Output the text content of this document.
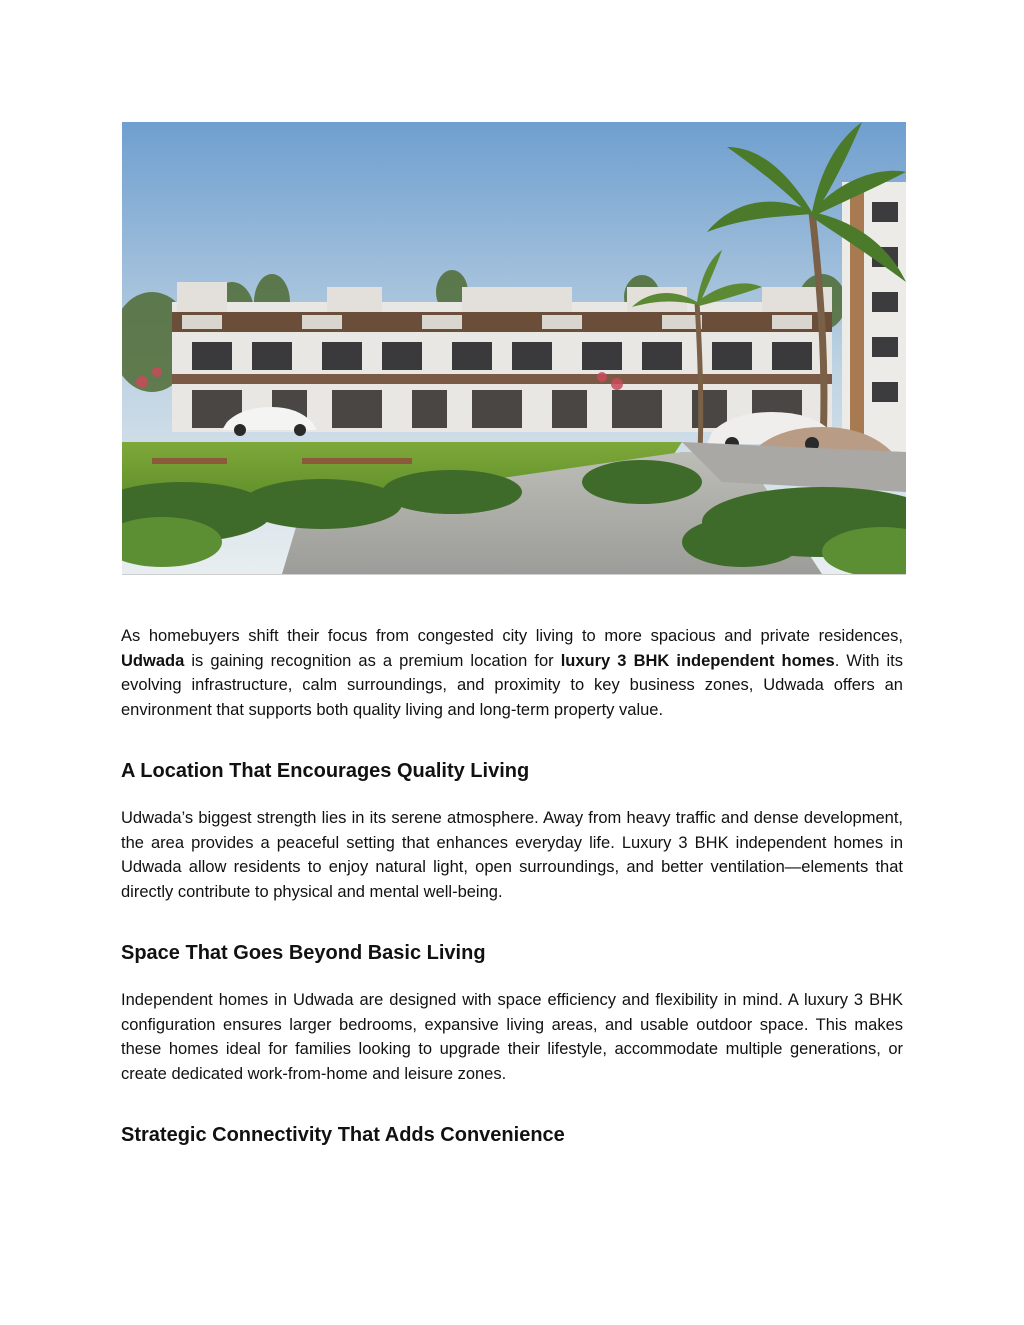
As homebuyers shift their focus from congested city living to more spacious and private residences, Udwada is gaining recognition as a premium location for luxury 3 BHK independent homes. With its evolving infrastructure, calm surroundings, and proximity to key business zones, Udwada offers an environment that supports both quality living and long-term property value.

A Location That Encourages Quality Living

Udwada’s biggest strength lies in its serene atmosphere. Away from heavy traffic and dense development, the area provides a peaceful setting that enhances everyday life. Luxury 3 BHK independent homes in Udwada allow residents to enjoy natural light, open surroundings, and better ventilation—elements that directly contribute to physical and mental well-being.

Space That Goes Beyond Basic Living

Independent homes in Udwada are designed with space efficiency and flexibility in mind. A luxury 3 BHK configuration ensures larger bedrooms, expansive living areas, and usable outdoor space. This makes these homes ideal for families looking to upgrade their lifestyle, accommodate multiple generations, or create dedicated work-from-home and leisure zones.

Strategic Connectivity That Adds Convenience
